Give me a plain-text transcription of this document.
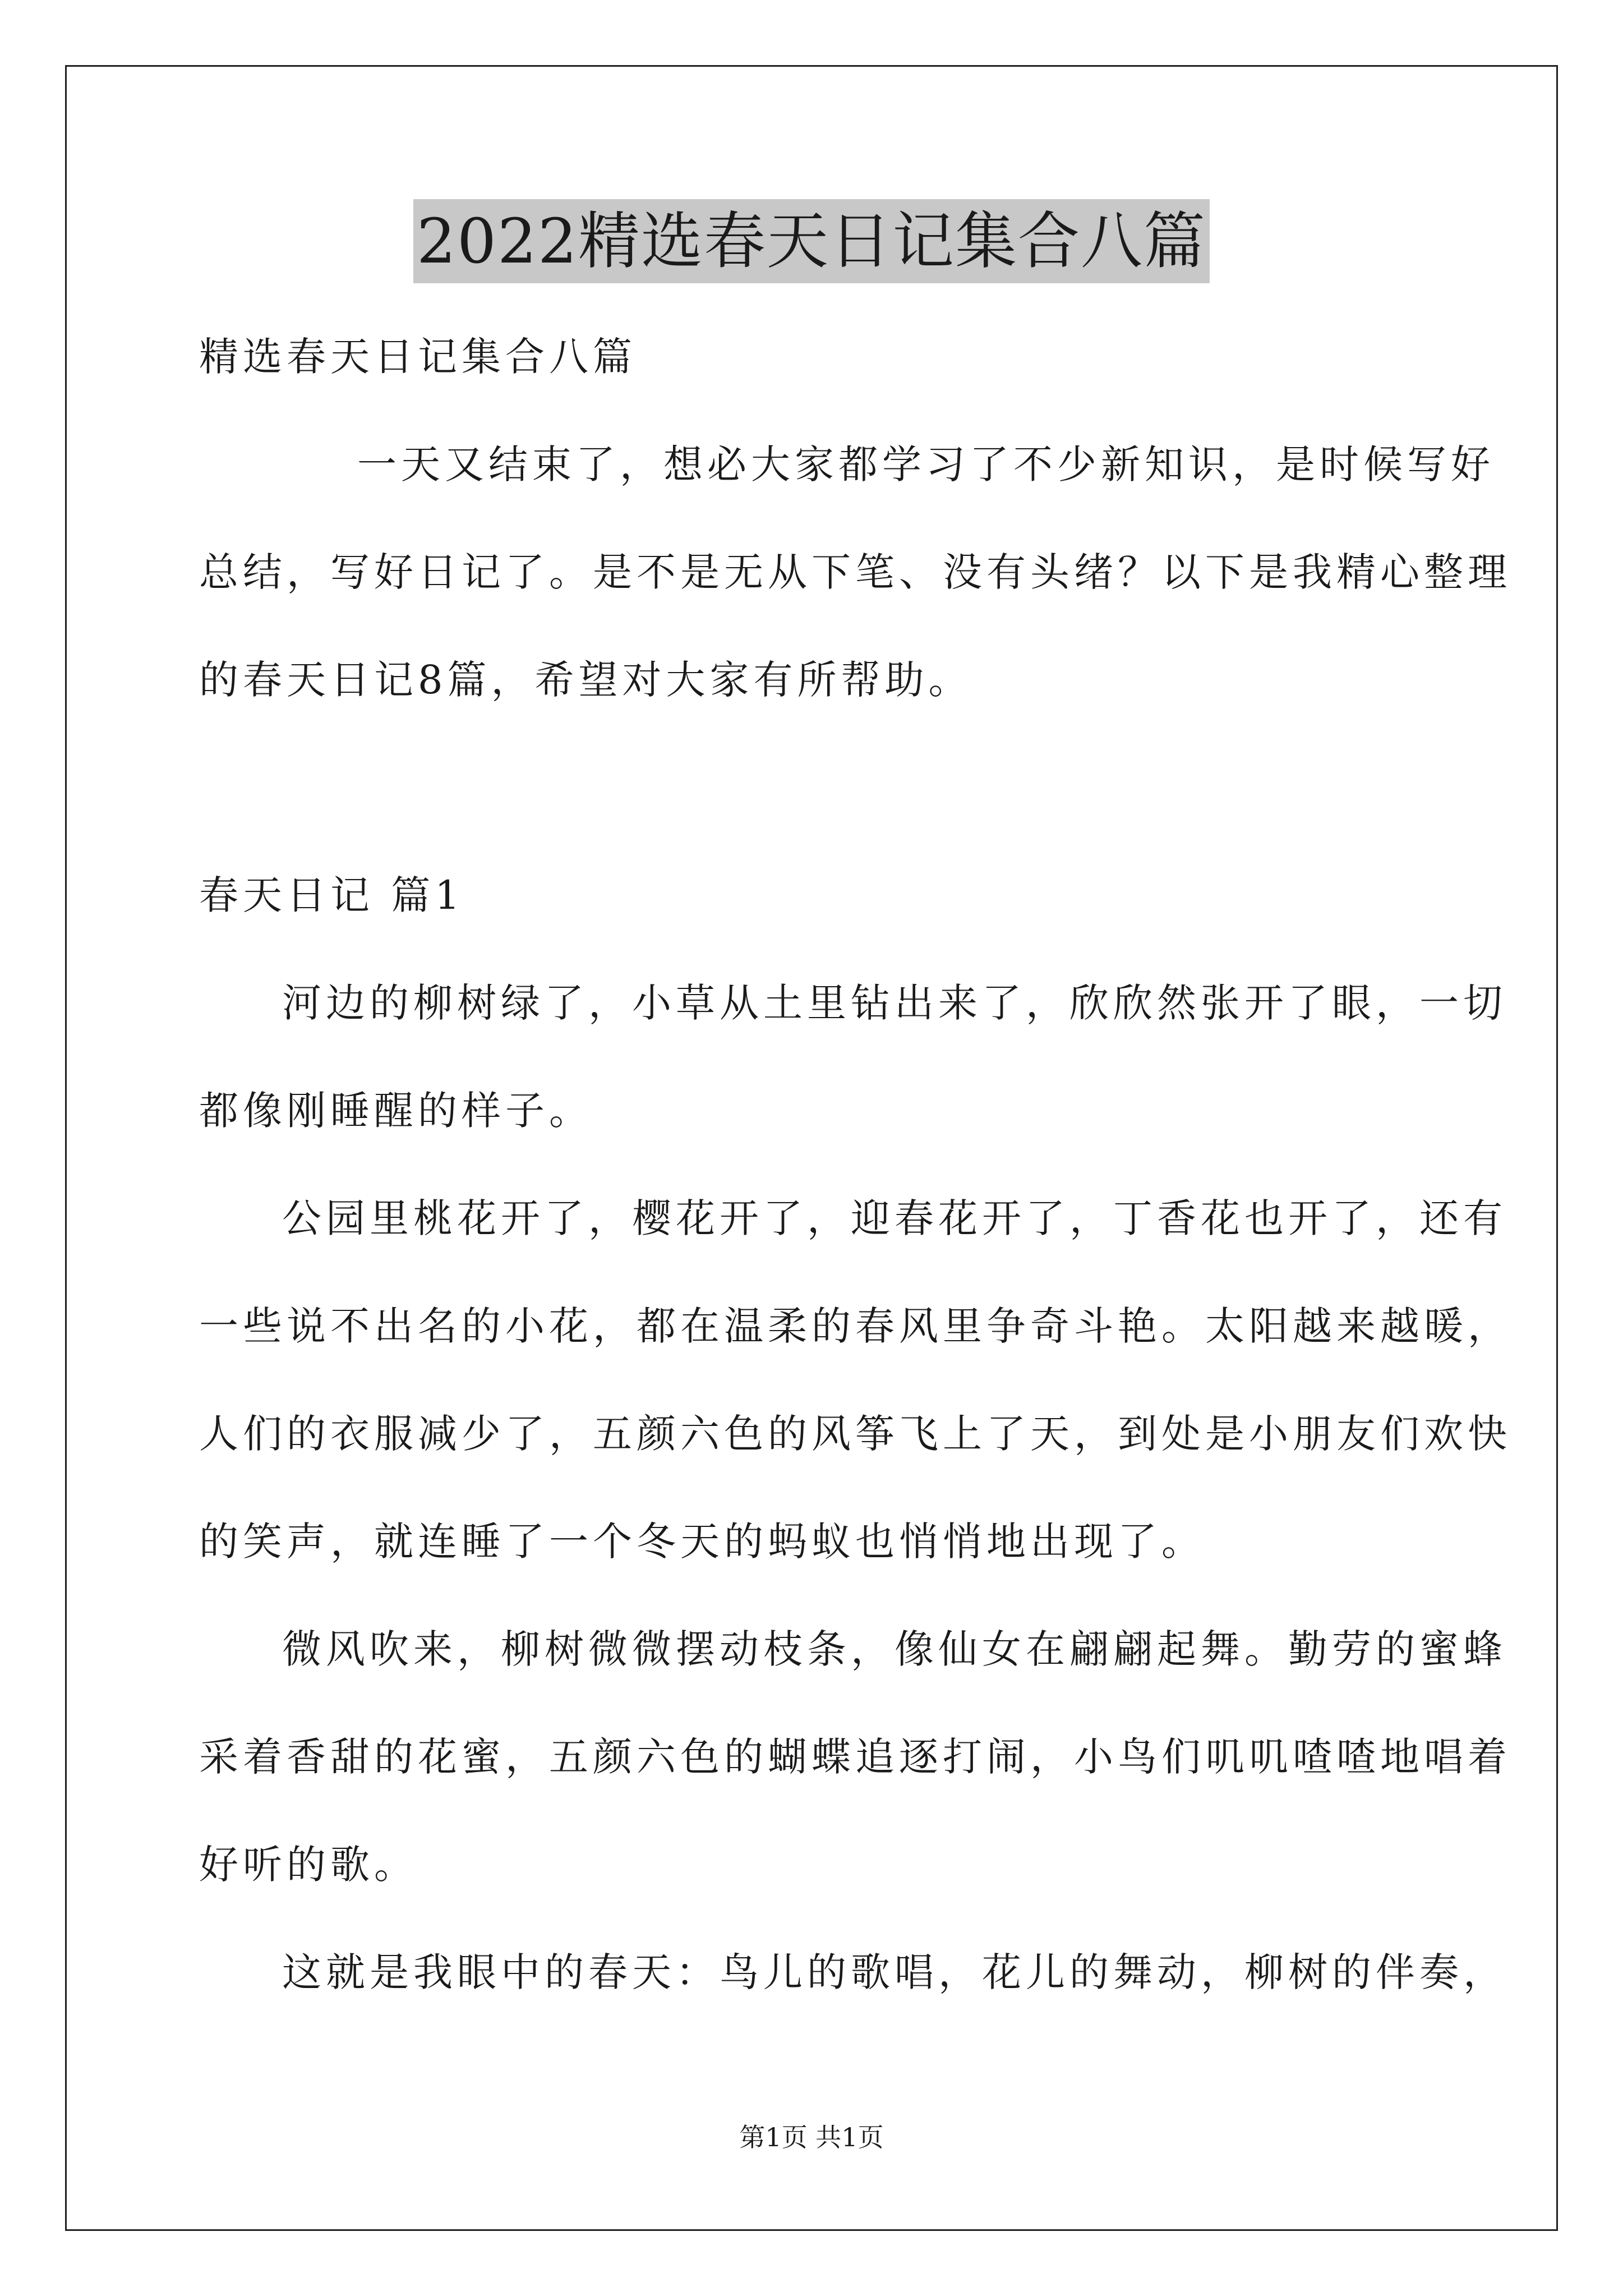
2022精选春天日记集合八篇
精选春天日记集合八篇
一天又结束了，想必大家都学习了不少新知识，是时候写好
总结，写好日记了。是不是无从下笔、没有头绪？以下是我精心整理
的春天日记8篇，希望对大家有所帮助。
春天日记 篇1
河边的柳树绿了，小草从土里钻出来了，欣欣然张开了眼，一切
都像刚睡醒的样子。
公园里桃花开了，樱花开了，迎春花开了，丁香花也开了，还有
一些说不出名的小花，都在温柔的春风里争奇斗艳。太阳越来越暖，
人们的衣服减少了，五颜六色的风筝飞上了天，到处是小朋友们欢快
的笑声，就连睡了一个冬天的蚂蚁也悄悄地出现了。
微风吹来，柳树微微摆动枝条，像仙女在翩翩起舞。勤劳的蜜蜂
采着香甜的花蜜，五颜六色的蝴蝶追逐打闹，小鸟们叽叽喳喳地唱着
好听的歌。
这就是我眼中的春天：鸟儿的歌唱，花儿的舞动，柳树的伴奏，
第1页 共1页
